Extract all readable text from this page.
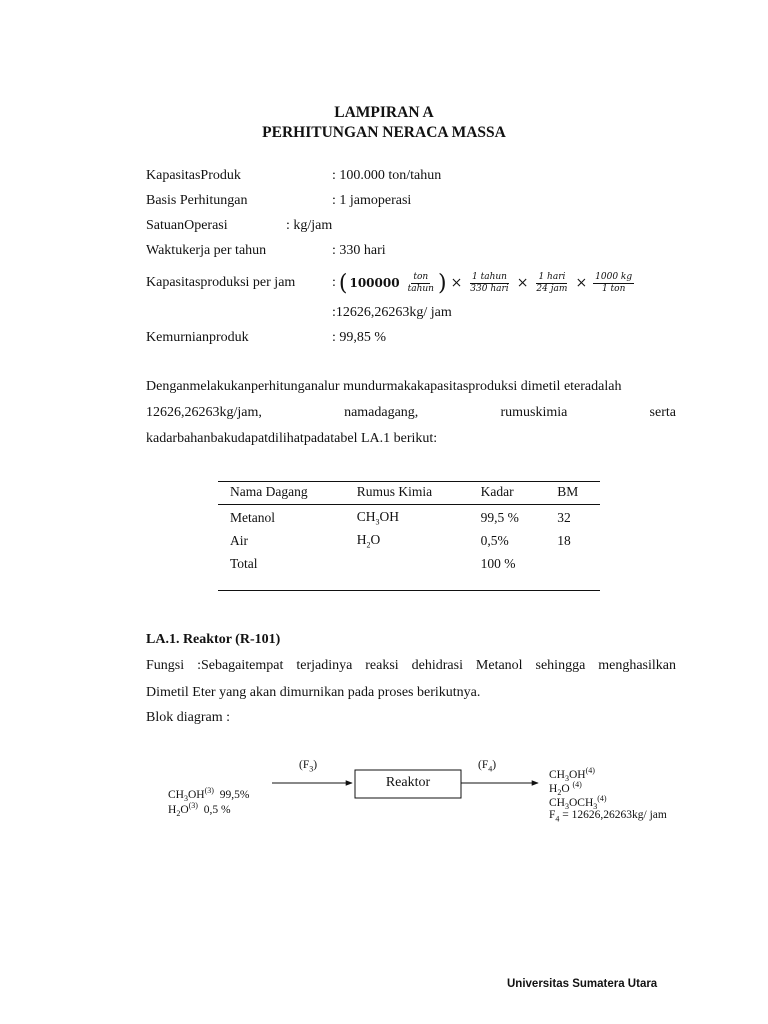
LAMPIRAN A
PERHITUNGAN NERACA MASSA
KapasitasProduk	: 100.000 ton/tahun
Basis Perhitungan	: 1 jamoperasi
SatuanOperasi	: kg/jam
Waktukerja per tahun	: 330 hari
Kapasitasproduksi per jam	: ( $100000 \frac{\text{ton}}{\text{tahun}}$ ) × $\frac{\text{1 tahun}}{\text{330 hari}} \times \frac{\text{1 hari}}{\text{24 jam}} \times \frac{1000 kg}{\text{1 ton}}$
:12626,26263kg/ jam
Kemurnianproduk	: 99,85 %
Denganmelakukanperhitunganalur mundurmakakapasitasproduksi dimetil eteradalah
12626,26263kg/jam,	namadagang,	rumuskimia	serta
kadarbahanbakudapatdilihatpadatabel LA.1 berikut:
Nama Dagang	Rumus Kimia	Kadar	BM
Metanol	$CH_3OH$	99,5 %	32
Air	$H_2O$	0,5%	18
Total		100 %	
LA.1. Reaktor (R-101)
Fungsi :Sebagaitempat terjadinya reaksi dehidrasi Metanol sehingga menghasilkan
Dimetil Eter yang akan dimurnikan pada proses berikutnya.
Blok diagram :
Reaktor
$(F_3)$	$(F_4)$
$CH_3OH^{(3)}$ 99,5%
$H_2O^{(3)}$ 0,5 %
$CH_3OH^{(4)}$
$H_2O$ $^{(4)}$
$CH_3OCH_3^{(4)}$
$F_4 = 12626,26263kg/$ jam
Universitas Sumatera Utara
